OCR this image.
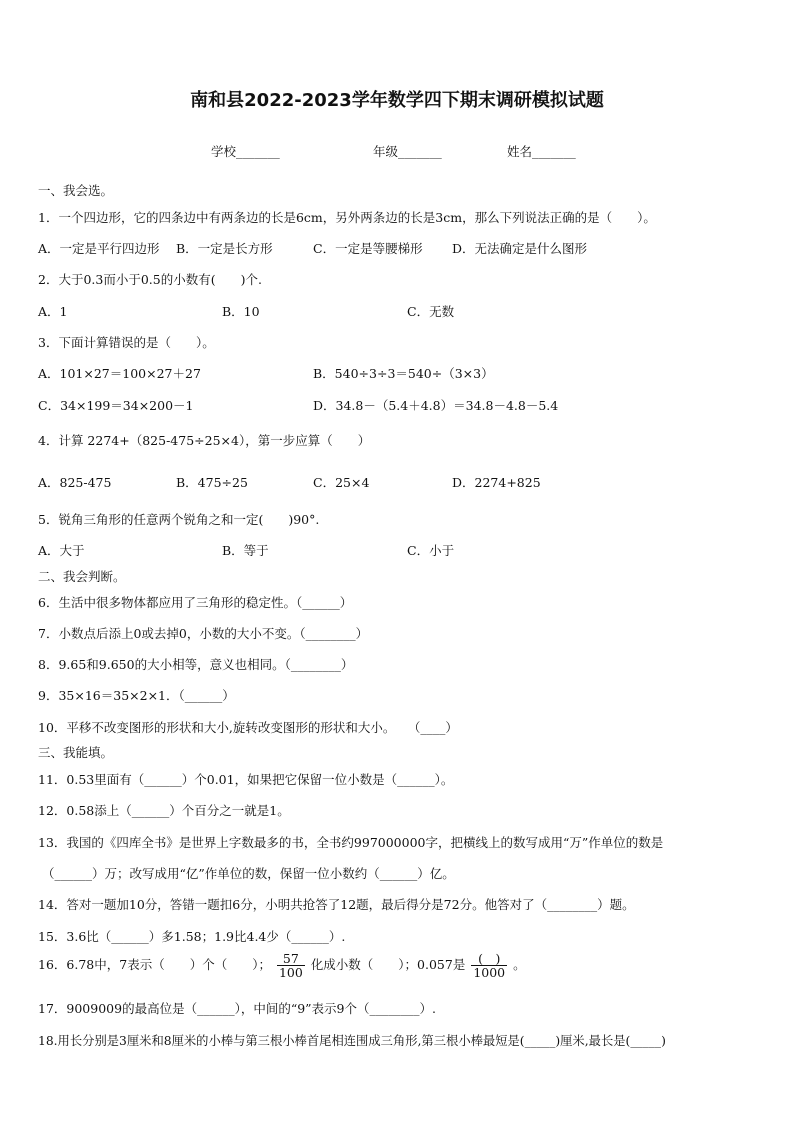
南和县2022-2023学年数学四下期末调研模拟试题
学校_______	年级_______	姓名_______
一、我会选。
1．一个四边形，它的四条边中有两条边的长是6cm，另外两条边的长是3cm，那么下列说法正确的是（　　）。
A．一定是平行四边形 B．一定是长方形	C．一定是等腰梯形 D．无法确定是什么图形
2．大于0.3而小于0.5的小数有(　　)个.
A．1	B．10	C．无数
3．下面计算错误的是（　　）。
A．101×27＝100×27＋27	B．540÷3÷3＝540÷（3×3）
C．34×199＝34×200－1	D．34.8－（5.4＋4.8）＝34.8－4.8－5.4
4．计算 2274+（825-475÷25×4），第一步应算（　　）
A．825-475	B．475÷25	C．25×4	D．2274+825
5．锐角三角形的任意两个锐角之和一定(　　)90°.
A．大于	B．等于	C．小于
二、我会判断。
6．生活中很多物体都应用了三角形的稳定性。（______）
7．小数点后添上0或去掉0，小数的大小不变。（________）
8．9.65和9.650的大小相等，意义也相同。（________）
9．35×16＝35×2×1．（______）
10．平移不改变图形的形状和大小,旋转改变图形的形状和大小。　　（____）
三、我能填。
11．0.53里面有（______）个0.01，如果把它保留一位小数是（______）。
12．0.58添上（______）个百分之一就是1。
13．我国的《四库全书》是世界上字数最多的书，全书约997000000字，把横线上的数写成用“万”作单位的数是
（______）万；改写成用“亿”作单位的数，保留一位小数约（______）亿。
14．答对一题加10分，答错一题扣6分，小明共抢答了12题，最后得分是72分。他答对了（________）题。
15．3.6比（______）多1.58；1.9比4.4少（______）.
16．6.78中，7表示（　　）个（　　）； $\frac{57}{100}$ 化成小数（　　）；0.057是 $\frac{( )}{1000}$ 。
17．9009009的最高位是（______），中间的“9”表示9个（________）.
18.用长分别是3厘米和8厘米的小棒与第三根小棒首尾相连围成三角形,第三根小棒最短是(_____)厘米,最长是(_____)
